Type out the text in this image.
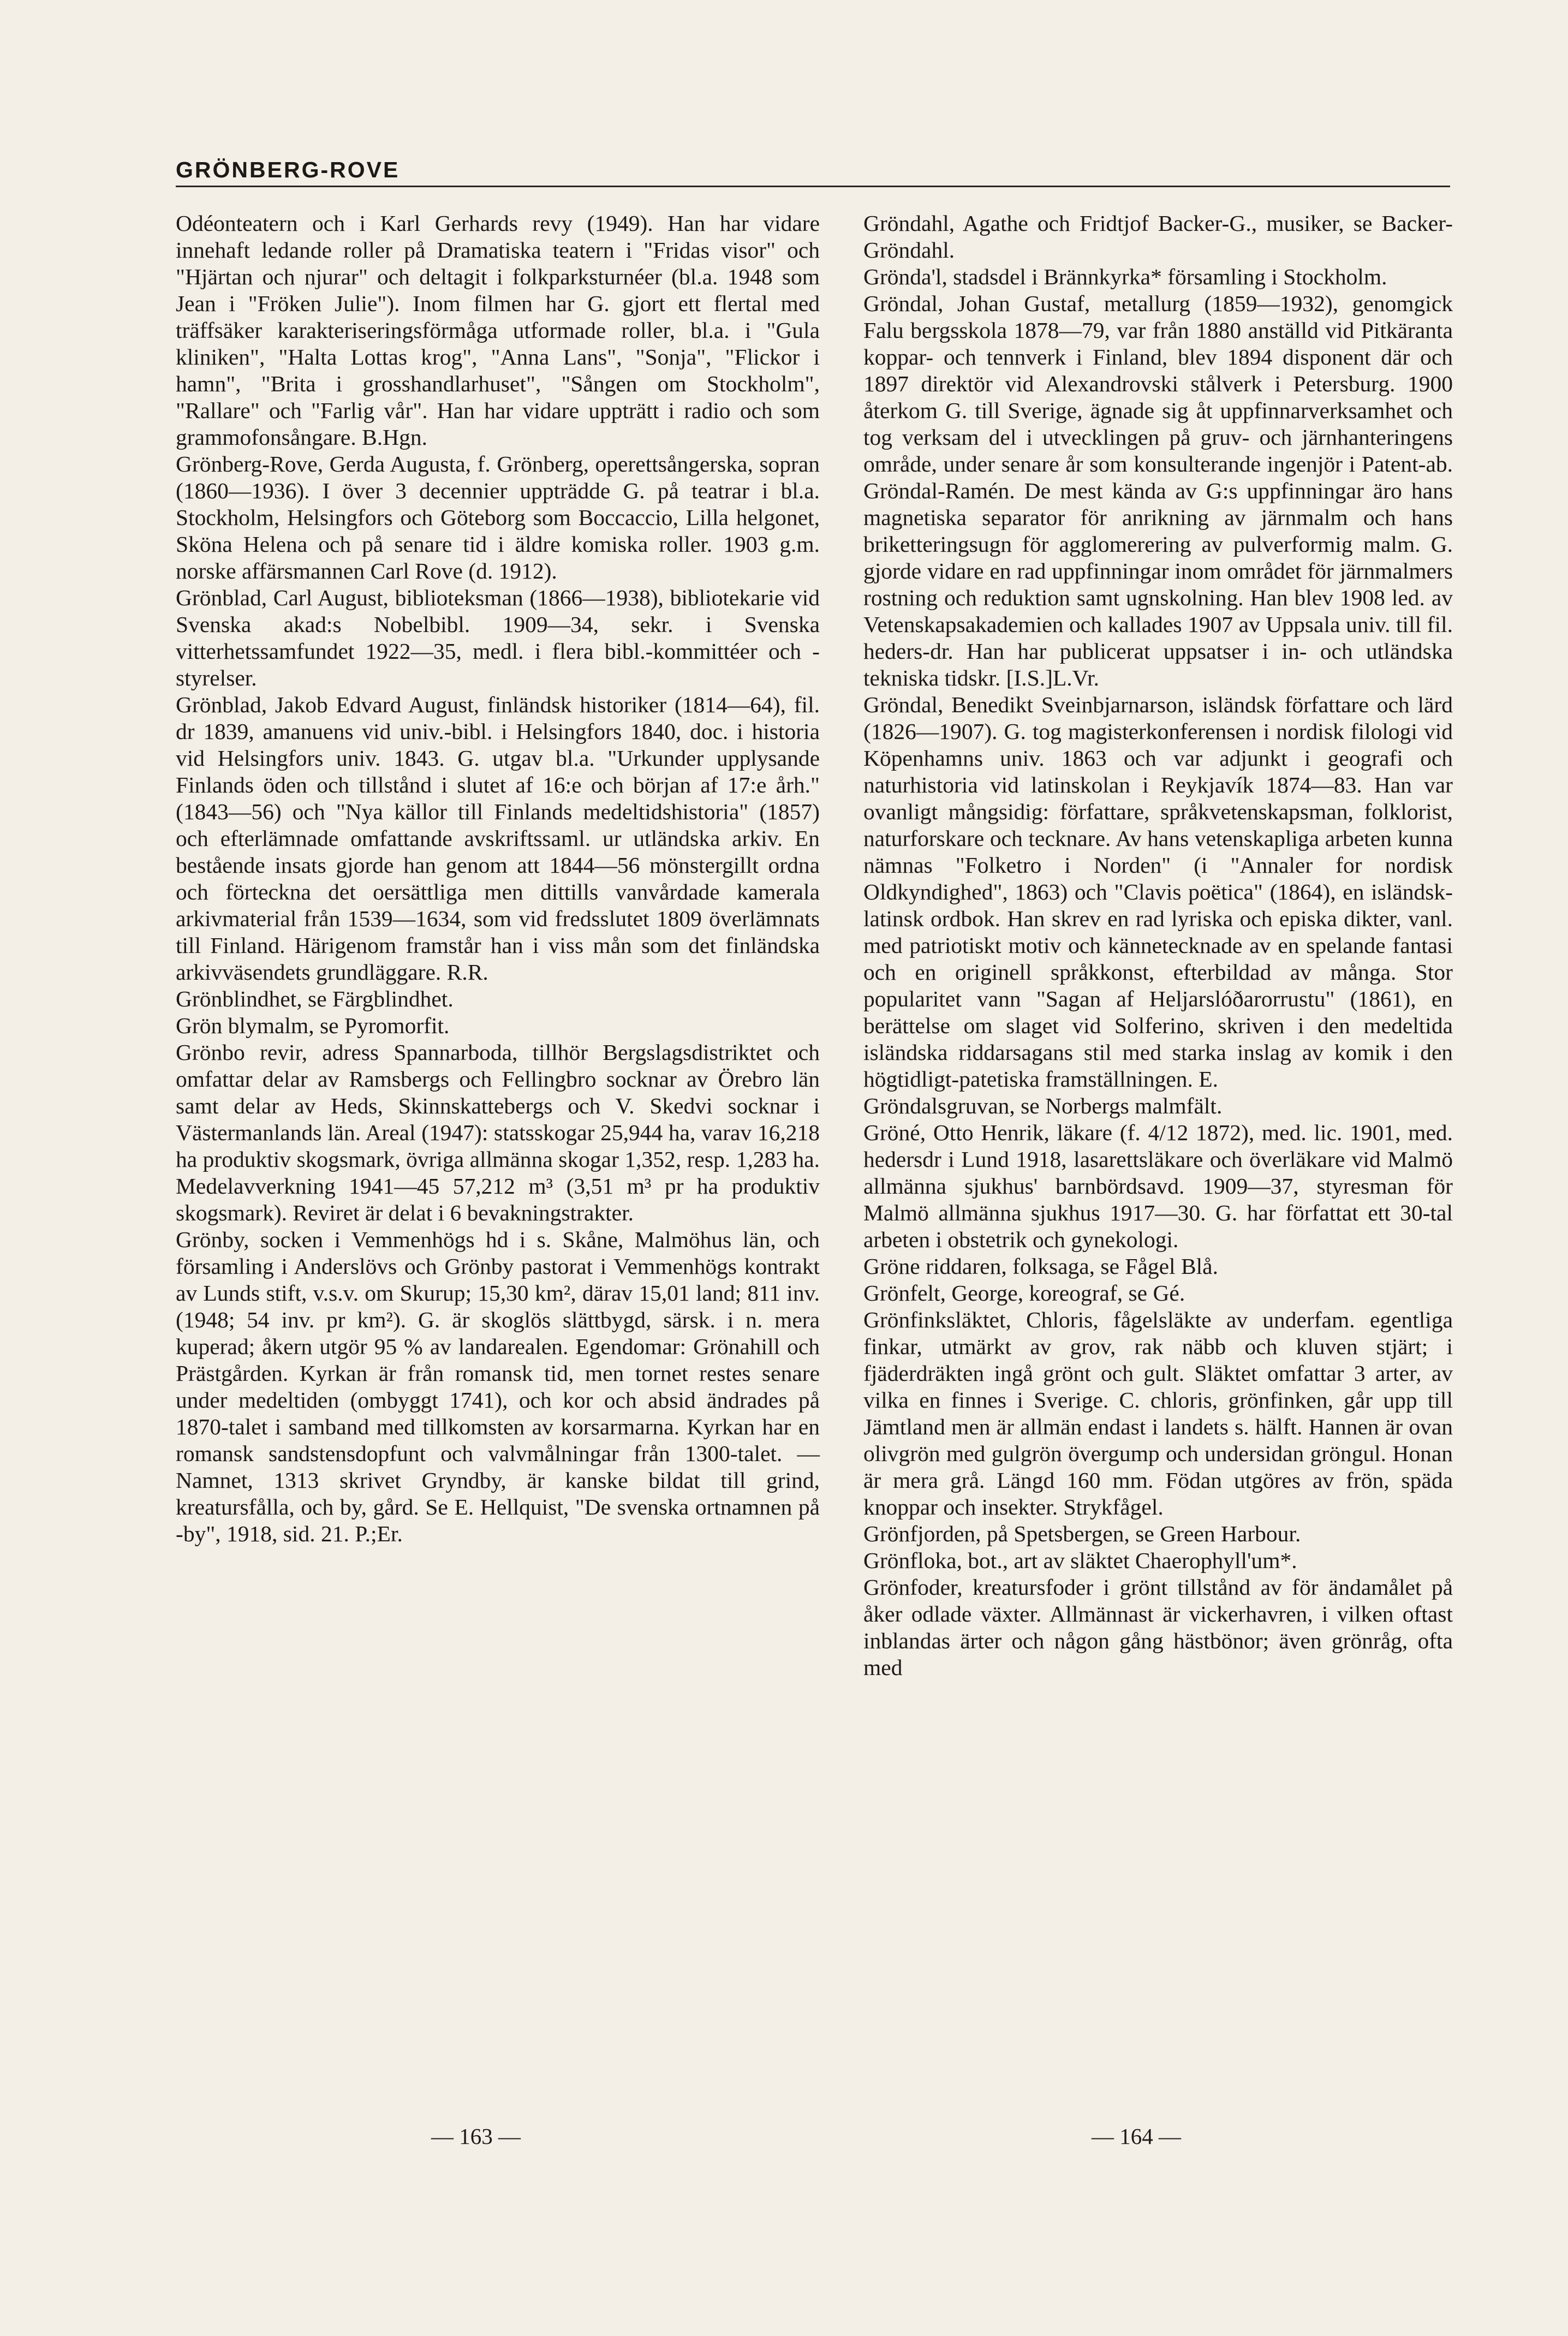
GRÖNBERG-ROVE

Odéonteatern och i Karl Gerhards revy (1949). Han har vidare innehaft ledande roller på Dramatiska teatern i "Fridas visor" och "Hjärtan och njurar" och deltagit i folkparksturnéer (bl.a. 1948 som Jean i "Fröken Julie"). Inom filmen har G. gjort ett flertal med träffsäker karakteriseringsförmåga utformade roller, bl.a. i "Gula kliniken", "Halta Lottas krog", "Anna Lans", "Sonja", "Flickor i hamn", "Brita i grosshandlarhuset", "Sången om Stockholm", "Rallare" och "Farlig vår". Han har vidare uppträtt i radio och som grammofonsångare. B.Hgn.

Grönberg-Rove, Gerda Augusta, f. Grönberg, operettsångerska, sopran (1860—1936). I över 3 decennier uppträdde G. på teatrar i bl.a. Stockholm, Helsingfors och Göteborg som Boccaccio, Lilla helgonet, Sköna Helena och på senare tid i äldre komiska roller. 1903 g.m. norske affärsmannen Carl Rove (d. 1912).

Grönblad, Carl August, biblioteksman (1866—1938), bibliotekarie vid Svenska akad:s Nobelbibl. 1909—34, sekr. i Svenska vitterhetssamfundet 1922—35, medl. i flera bibl.-kommittéer och -styrelser.

Grönblad, Jakob Edvard August, finländsk historiker (1814—64), fil. dr 1839, amanuens vid univ.-bibl. i Helsingfors 1840, doc. i historia vid Helsingfors univ. 1843. G. utgav bl.a. "Urkunder upplysande Finlands öden och tillstånd i slutet af 16:e och början af 17:e årh." (1843—56) och "Nya källor till Finlands medeltidshistoria" (1857) och efterlämnade omfattande avskriftssaml. ur utländska arkiv. En bestående insats gjorde han genom att 1844—56 mönstergillt ordna och förteckna det oersättliga men dittills vanvårdade kamerala arkivmaterial från 1539—1634, som vid fredsslutet 1809 överlämnats till Finland. Härigenom framstår han i viss mån som det finländska arkivväsendets grundläggare. R.R.

Grönblindhet, se Färgblindhet.

Grön blymalm, se Pyromorfit.

Grönbo revir, adress Spannarboda, tillhör Bergslagsdistriktet och omfattar delar av Ramsbergs och Fellingbro socknar av Örebro län samt delar av Heds, Skinnskattebergs och V. Skedvi socknar i Västermanlands län. Areal (1947): statsskogar 25,944 ha, varav 16,218 ha produktiv skogsmark, övriga allmänna skogar 1,352, resp. 1,283 ha. Medelavverkning 1941—45 57,212 m³ (3,51 m³ pr ha produktiv skogsmark). Reviret är delat i 6 bevakningstrakter.

Grönby, socken i Vemmenhögs hd i s. Skåne, Malmöhus län, och församling i Anderslövs och Grönby pastorat i Vemmenhögs kontrakt av Lunds stift, v.s.v. om Skurup; 15,30 km², därav 15,01 land; 811 inv. (1948; 54 inv. pr km²). G. är skoglös slättbygd, särsk. i n. mera kuperad; åkern utgör 95 % av landarealen. Egendomar: Grönahill och Prästgården. Kyrkan är från romansk tid, men tornet restes senare under medeltiden (ombyggt 1741), och kor och absid ändrades på 1870-talet i samband med tillkomsten av korsarmarna. Kyrkan har en romansk sandstensdopfunt och valvmålningar från 1300-talet. — Namnet, 1313 skrivet Gryndby, är kanske bildat till grind, kreatursfålla, och by, gård. Se E. Hellquist, "De svenska ortnamnen på -by", 1918, sid. 21. P.;Er.

Gröndahl, Agathe och Fridtjof Backer-G., musiker, se Backer-Gröndahl.

Grönda'l, stadsdel i Brännkyrka* församling i Stockholm.

Gröndal, Johan Gustaf, metallurg (1859—1932), genomgick Falu bergsskola 1878—79, var från 1880 anställd vid Pitkäranta koppar- och tennverk i Finland, blev 1894 disponent där och 1897 direktör vid Alexandrovski stålverk i Petersburg. 1900 återkom G. till Sverige, ägnade sig åt uppfinnarverksamhet och tog verksam del i utvecklingen på gruv- och järnhanteringens område, under senare år som konsulterande ingenjör i Patent-ab. Gröndal-Ramén. De mest kända av G:s uppfinningar äro hans magnetiska separator för anrikning av järnmalm och hans briketteringsugn för agglomerering av pulverformig malm. G. gjorde vidare en rad uppfinningar inom området för järnmalmers rostning och reduktion samt ugnskolning. Han blev 1908 led. av Vetenskapsakademien och kallades 1907 av Uppsala univ. till fil. heders-dr. Han har publicerat uppsatser i in- och utländska tekniska tidskr. [I.S.]L.Vr.

Gröndal, Benedikt Sveinbjarnarson, isländsk författare och lärd (1826—1907). G. tog magisterkonferensen i nordisk filologi vid Köpenhamns univ. 1863 och var adjunkt i geografi och naturhistoria vid latinskolan i Reykjavík 1874—83. Han var ovanligt mångsidig: författare, språkvetenskapsman, folklorist, naturforskare och tecknare. Av hans vetenskapliga arbeten kunna nämnas "Folketro i Norden" (i "Annaler for nordisk Oldkyndighed", 1863) och "Clavis poëtica" (1864), en isländsk-latinsk ordbok. Han skrev en rad lyriska och episka dikter, vanl. med patriotiskt motiv och kännetecknade av en spelande fantasi och en originell språkkonst, efterbildad av många. Stor popularitet vann "Sagan af Heljarslóðarorrustu" (1861), en berättelse om slaget vid Solferino, skriven i den medeltida isländska riddarsagans stil med starka inslag av komik i den högtidligt-patetiska framställningen. E.

Gröndalsgruvan, se Norbergs malmfält.

Gröné, Otto Henrik, läkare (f. 4/12 1872), med. lic. 1901, med. hedersdr i Lund 1918, lasarettsläkare och överläkare vid Malmö allmänna sjukhus' barnbördsavd. 1909—37, styresman för Malmö allmänna sjukhus 1917—30. G. har författat ett 30-tal arbeten i obstetrik och gynekologi.

Gröne riddaren, folksaga, se Fågel Blå.

Grönfelt, George, koreograf, se Gé.

Grönfinksläktet, Chloris, fågelsläkte av underfam. egentliga finkar, utmärkt av grov, rak näbb och kluven stjärt; i fjäderdräkten ingå grönt och gult. Släktet omfattar 3 arter, av vilka en finnes i Sverige. C. chloris, grönfinken, går upp till Jämtland men är allmän endast i landets s. hälft. Hannen är ovan olivgrön med gulgrön övergump och undersidan gröngul. Honan är mera grå. Längd 160 mm. Födan utgöres av frön, späda knoppar och insekter. Strykfågel.

Grönfjorden, på Spetsbergen, se Green Harbour.

Grönfloka, bot., art av släktet Chaerophyll'um*.

Grönfoder, kreatursfoder i grönt tillstånd av för ändamålet på åker odlade växter. Allmännast är vickerhavren, i vilken oftast inblandas ärter och någon gång hästbönor; även grönråg, ofta med

— 163 —	— 164 —
